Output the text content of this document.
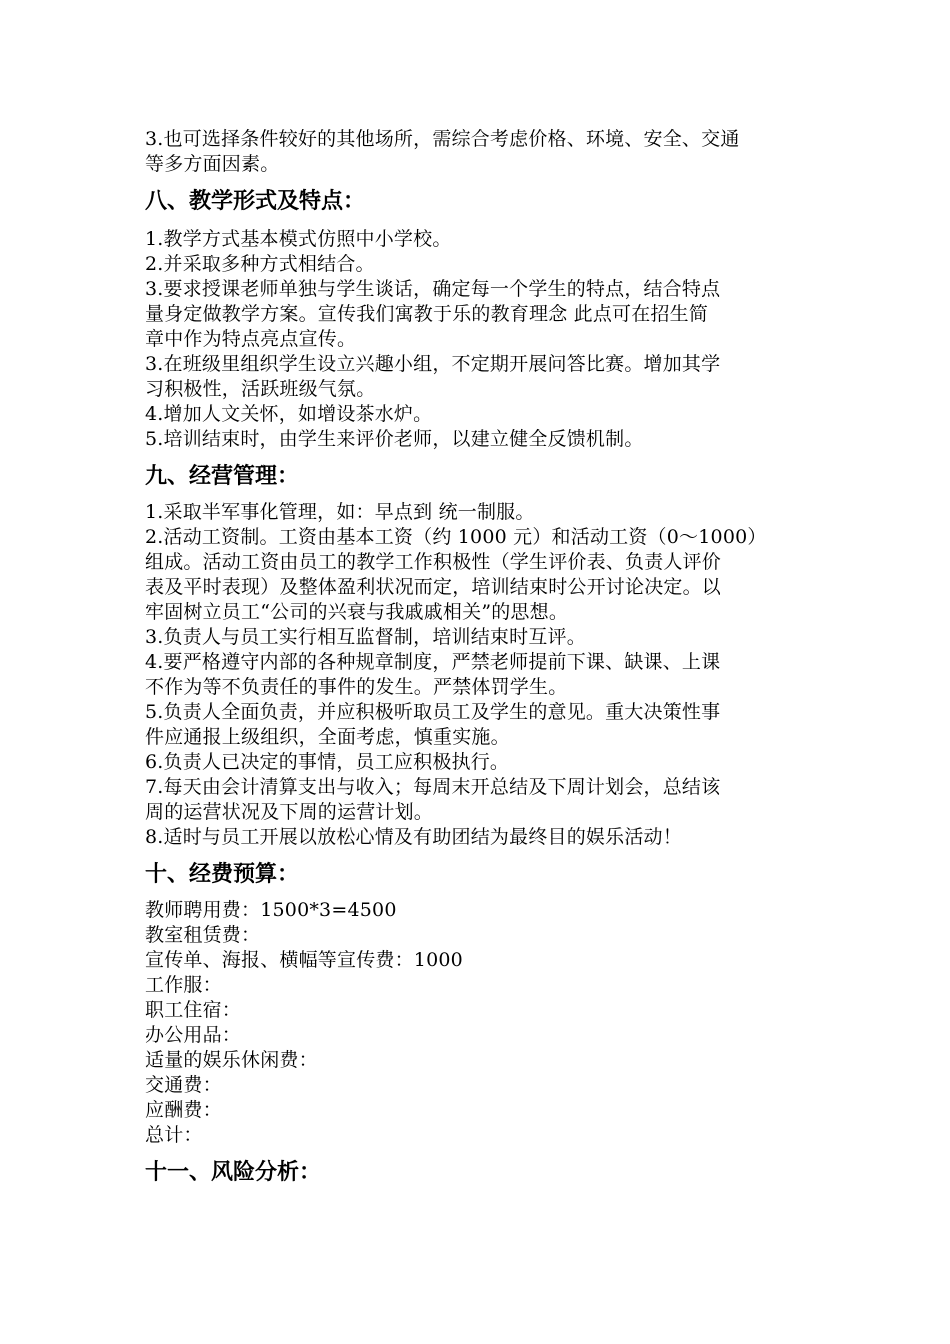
3.也可选择条件较好的其他场所，需综合考虑价格、环境、安全、交通
等多方面因素。
八、教学形式及特点：
1.教学方式基本模式仿照中小学校。
2.并采取多种方式相结合。
3.要求授课老师单独与学生谈话，确定每一个学生的特点，结合特点
量身定做教学方案。宣传我们寓教于乐的教育理念 此点可在招生简
章中作为特点亮点宣传。
3.在班级里组织学生设立兴趣小组，不定期开展问答比赛。增加其学
习积极性，活跃班级气氛。
4.增加人文关怀，如增设茶水炉。
5.培训结束时，由学生来评价老师，以建立健全反馈机制。
九、经营管理：
1.采取半军事化管理，如：早点到 统一制服。
2.活动工资制。工资由基本工资（约 1000 元）和活动工资（0～1000）
组成。活动工资由员工的教学工作积极性（学生评价表、负责人评价
表及平时表现）及整体盈利状况而定，培训结束时公开讨论决定。以
牢固树立员工“公司的兴衰与我戚戚相关”的思想。
3.负责人与员工实行相互监督制，培训结束时互评。
4.要严格遵守内部的各种规章制度，严禁老师提前下课、缺课、上课
不作为等不负责任的事件的发生。严禁体罚学生。
5.负责人全面负责，并应积极听取员工及学生的意见。重大决策性事
件应通报上级组织，全面考虑，慎重实施。
6.负责人已决定的事情，员工应积极执行。
7.每天由会计清算支出与收入；每周末开总结及下周计划会，总结该
周的运营状况及下周的运营计划。
8.适时与员工开展以放松心情及有助团结为最终目的娱乐活动！
十、经费预算：
教师聘用费：1500*3=4500
教室租赁费：
宣传单、海报、横幅等宣传费：1000
工作服：
职工住宿：
办公用品：
适量的娱乐休闲费：
交通费：
应酬费：
总计：
十一、风险分析：
